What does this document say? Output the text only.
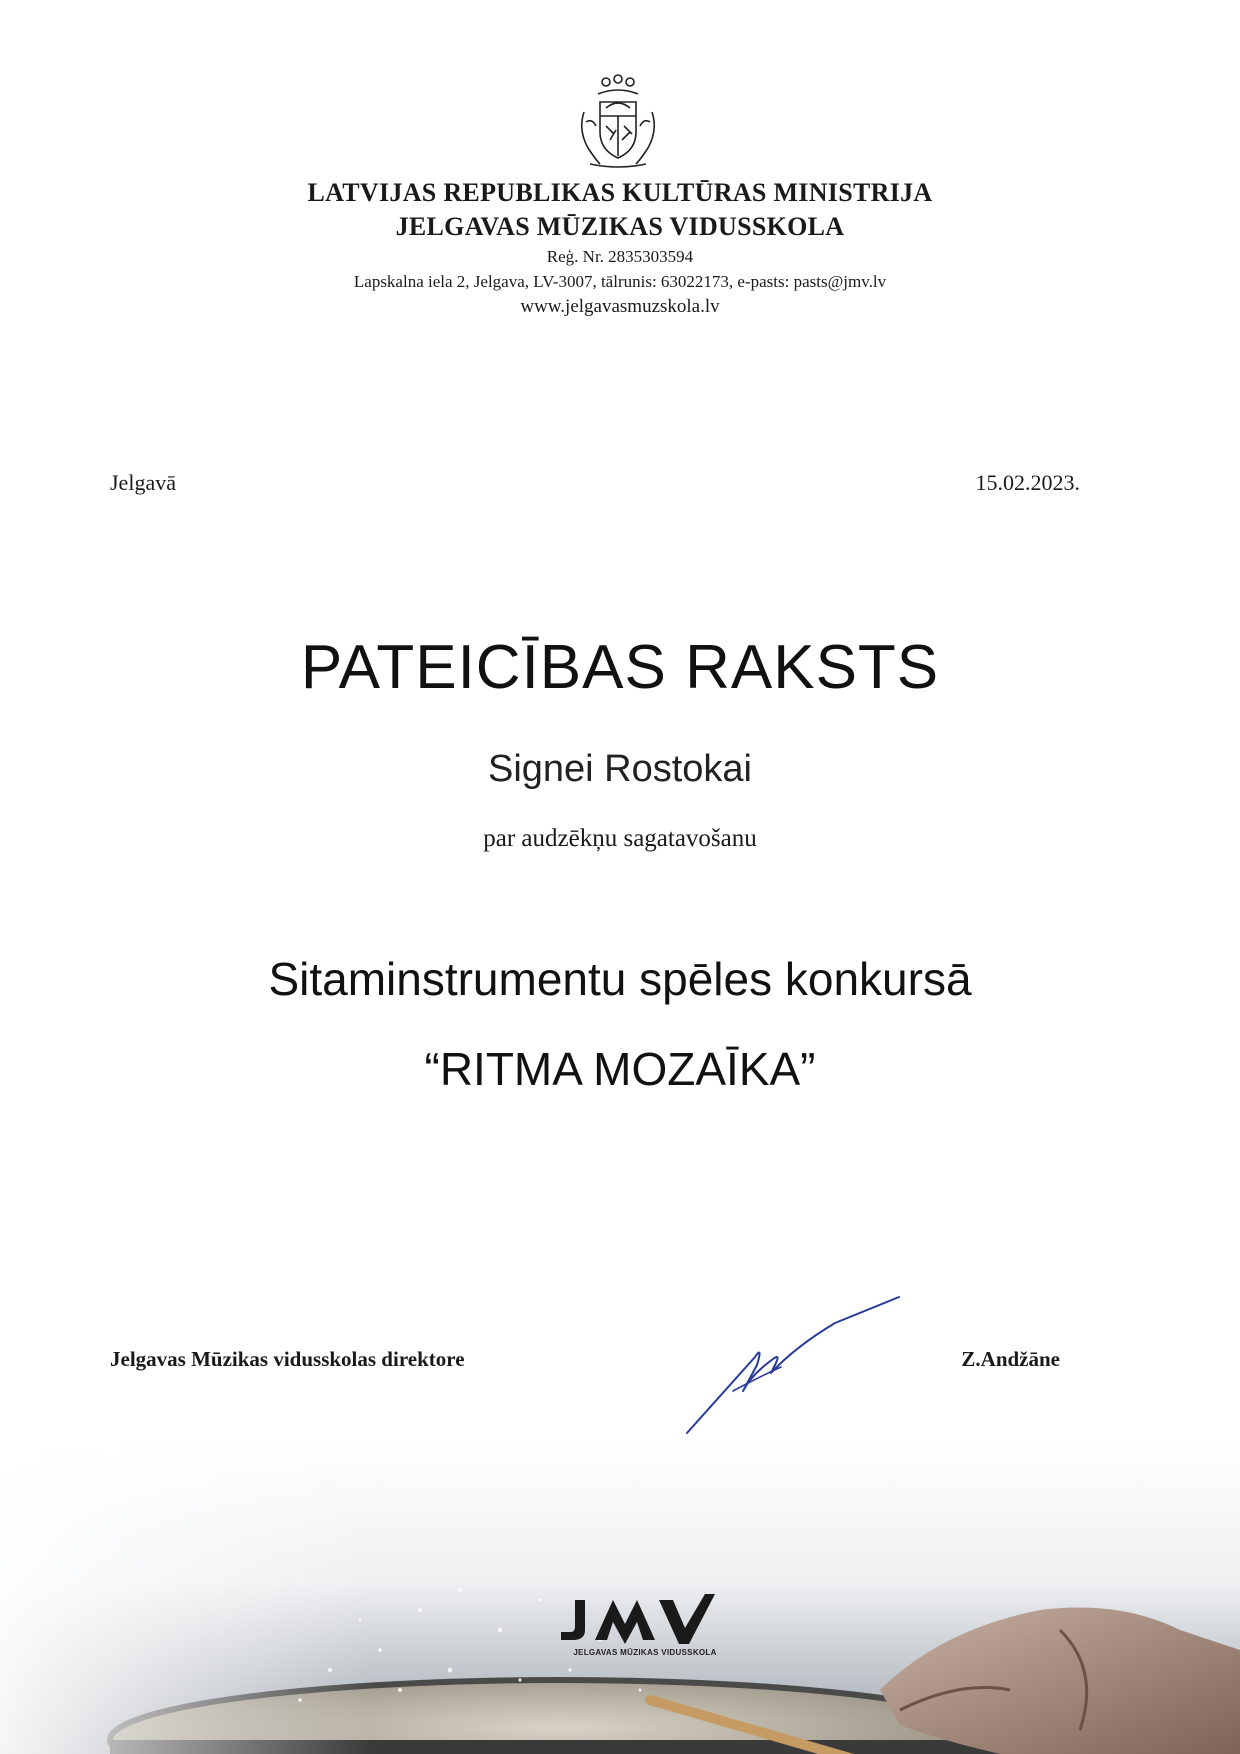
LATVIJAS REPUBLIKAS KULTŪRAS MINISTRIJA
JELGAVAS MŪZIKAS VIDUSSKOLA
Reģ. Nr. 2835303594
Lapskalna iela 2, Jelgava, LV-3007, tālrunis: 63022173, e-pasts: pasts@jmv.lv
www.jelgavasmuzskola.lv
Jelgavā	15.02.2023.
PATEICĪBAS RAKSTS
Signei Rostokai
par audzēkņu sagatavošanu
Sitaminstrumentu spēles konkursā
“RITMA MOZAĪKA”
Jelgavas Mūzikas vidusskolas direktore	Z.Andžāne
JELGAVAS MŪZIKAS VIDUSSKOLA
